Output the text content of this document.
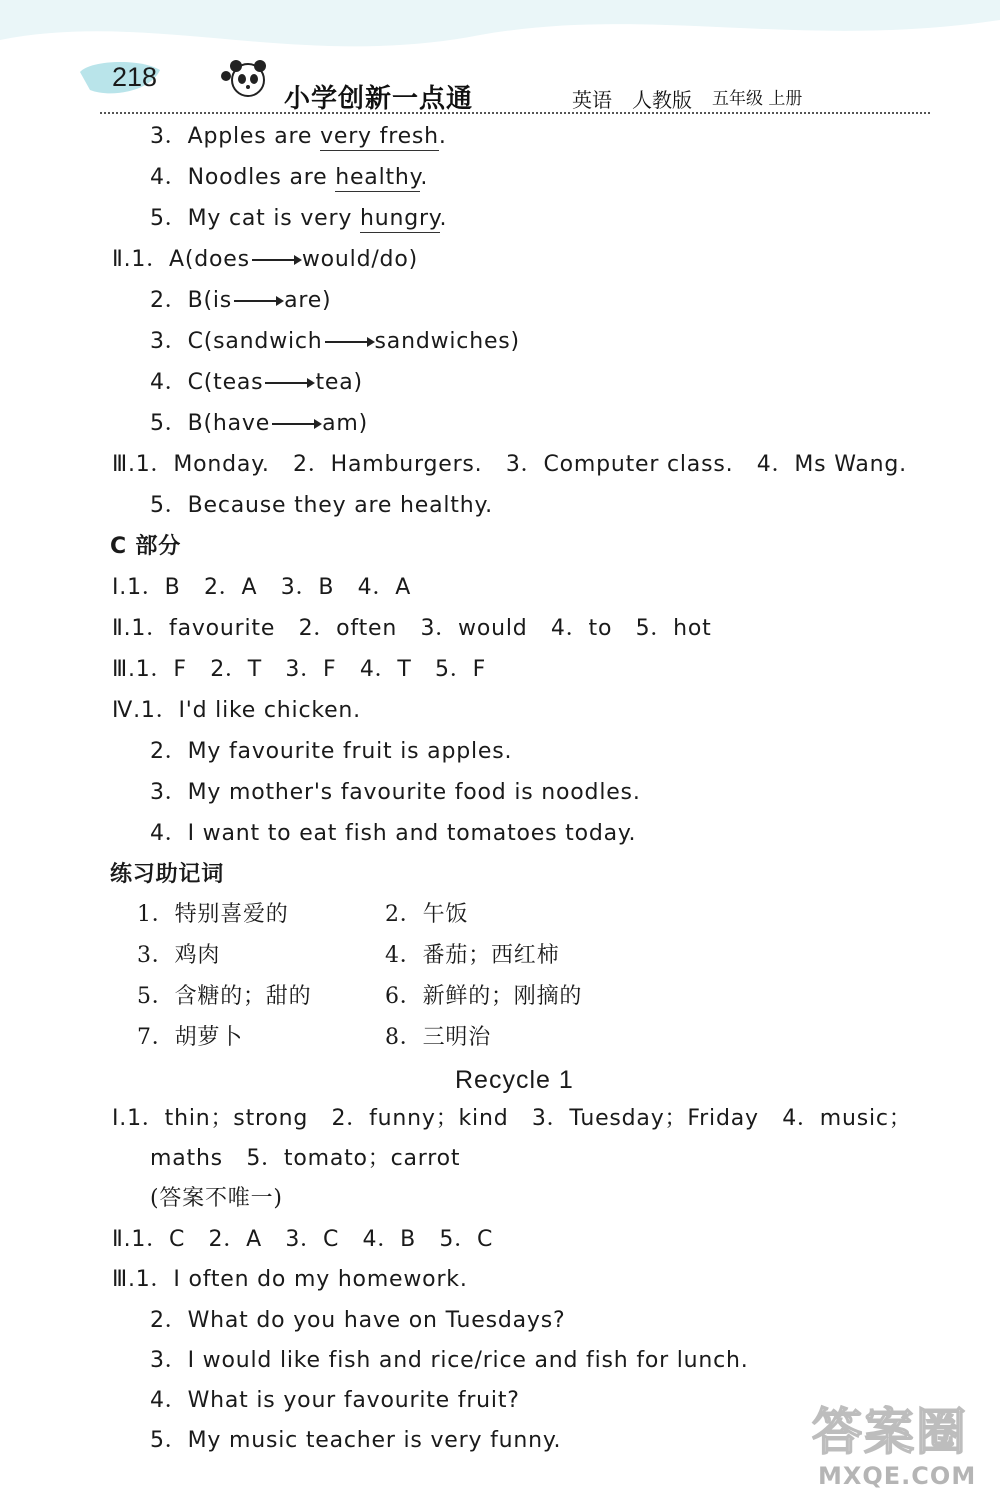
218
小学创新一点通	英语 人教版 五年级 上册
3．Apples are very fresh.
4．Noodles are healthy.
5．My cat is very hungry.
Ⅱ.1．A(does would/do)
2．B(is are)
3．C(sandwich sandwiches)
4．C(teas tea)
5．B(have am)
Ⅲ.1．Monday.   2．Hamburgers.   3．Computer class.   4．Ms Wang.
5．Because they are healthy.
C 部分
Ⅰ.1．B   2．A   3．B   4．A
Ⅱ.1．favourite   2．often   3．would   4．to   5．hot
Ⅲ.1．F   2．T   3．F   4．T   5．F
Ⅳ.1．I'd like chicken.
2．My favourite fruit is apples.
3．My mother's favourite food is noodles.
4．I want to eat fish and tomatoes today.
练习助记词
1．特别喜爱的	2．午饭
3．鸡肉	4．番茄；西红柿
5．含糖的；甜的	6．新鲜的；刚摘的
7．胡萝卜	8．三明治
Recycle 1
Ⅰ.1．thin；strong   2．funny；kind   3．Tuesday；Friday   4．music；
maths   5．tomato；carrot
(答案不唯一)
Ⅱ.1．C   2．A   3．C   4．B   5．C
Ⅲ.1．I often do my homework.
2．What do you have on Tuesdays?
3．I would like fish and rice/rice and fish for lunch.
4．What is your favourite fruit?
5．My music teacher is very funny.	答案圈
MXQE.COM
